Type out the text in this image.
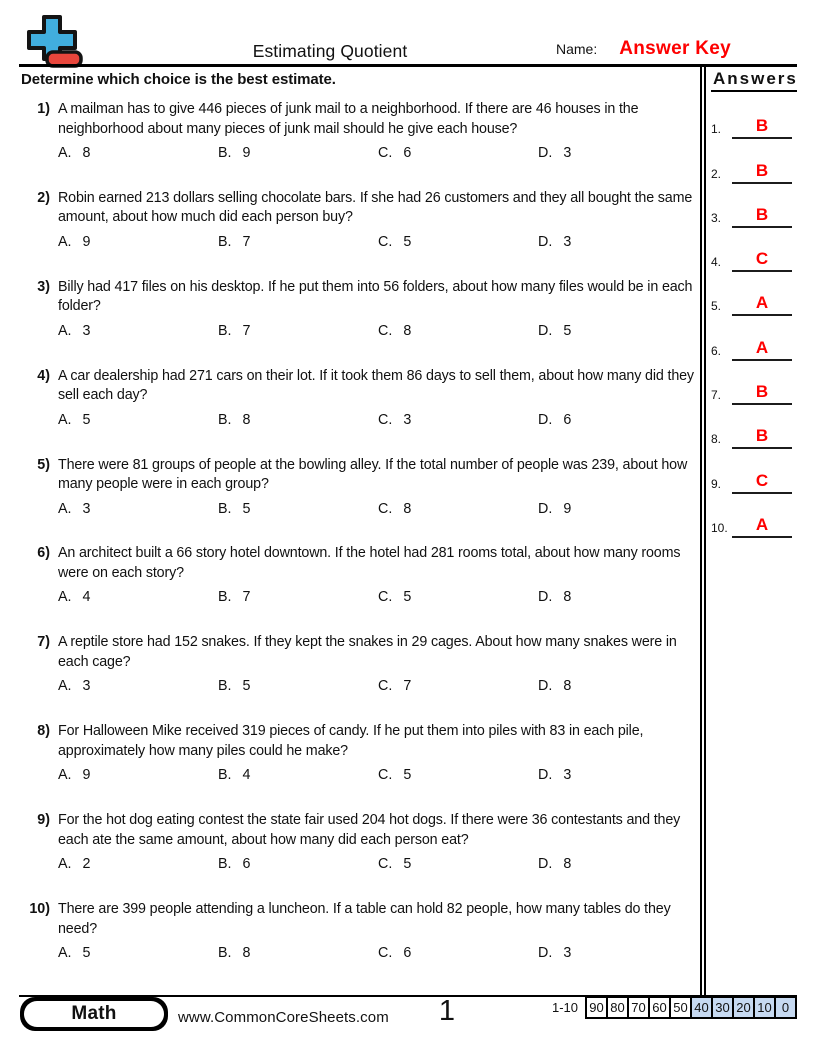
Estimating Quotient	Name: Answer Key
Determine which choice is the best estimate.
1) A mailman has to give 446 pieces of junk mail to a neighborhood. If there are 46 houses in the neighborhood about many pieces of junk mail should he give each house?
A. 8	B. 9	C. 6	D. 3
2) Robin earned 213 dollars selling chocolate bars. If she had 26 customers and they all bought the same amount, about how much did each person buy?
A. 9	B. 7	C. 5	D. 3
3) Billy had 417 files on his desktop. If he put them into 56 folders, about how many files would be in each folder?
A. 3	B. 7	C. 8	D. 5
4) A car dealership had 271 cars on their lot. If it took them 86 days to sell them, about how many did they sell each day?
A. 5	B. 8	C. 3	D. 6
5) There were 81 groups of people at the bowling alley. If the total number of people was 239, about how many people were in each group?
A. 3	B. 5	C. 8	D. 9
6) An architect built a 66 story hotel downtown. If the hotel had 281 rooms total, about how many rooms were on each story?
A. 4	B. 7	C. 5	D. 8
7) A reptile store had 152 snakes. If they kept the snakes in 29 cages. About how many snakes were in each cage?
A. 3	B. 5	C. 7	D. 8
8) For Halloween Mike received 319 pieces of candy. If he put them into piles with 83 in each pile, approximately how many piles could he make?
A. 9	B. 4	C. 5	D. 3
9) For the hot dog eating contest the state fair used 204 hot dogs. If there were 36 contestants and they each ate the same amount, about how many did each person eat?
A. 2	B. 6	C. 5	D. 8
10) There are 399 people attending a luncheon. If a table can hold 82 people, how many tables do they need?
A. 5	B. 8	C. 6	D. 3
Answers
1.	B
2.	B
3.	B
4.	C
5.	A
6.	A
7.	B
8.	B
9.	C
10.	A
Math	www.CommonCoreSheets.com	1	1-10 90 80 70 60 50 40 30 20 10 0
